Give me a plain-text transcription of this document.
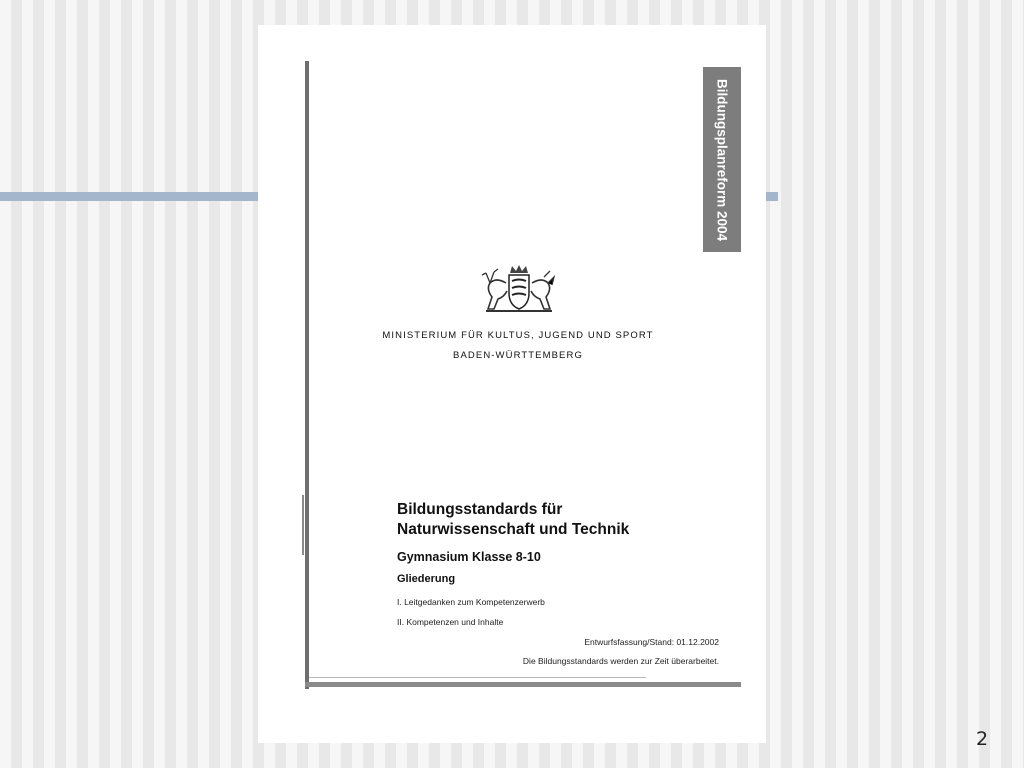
Bildungsplanreform 2004
MINISTERIUM FÜR KULTUS, JUGEND UND SPORT
BADEN-WÜRTTEMBERG
Bildungsstandards für
Naturwissenschaft und Technik
Gymnasium Klasse 8-10
Gliederung
I. Leitgedanken zum Kompetenzerwerb
II. Kompetenzen und Inhalte
Entwurfsfassung/Stand: 01.12.2002
Die Bildungsstandards werden zur Zeit überarbeitet.
2
